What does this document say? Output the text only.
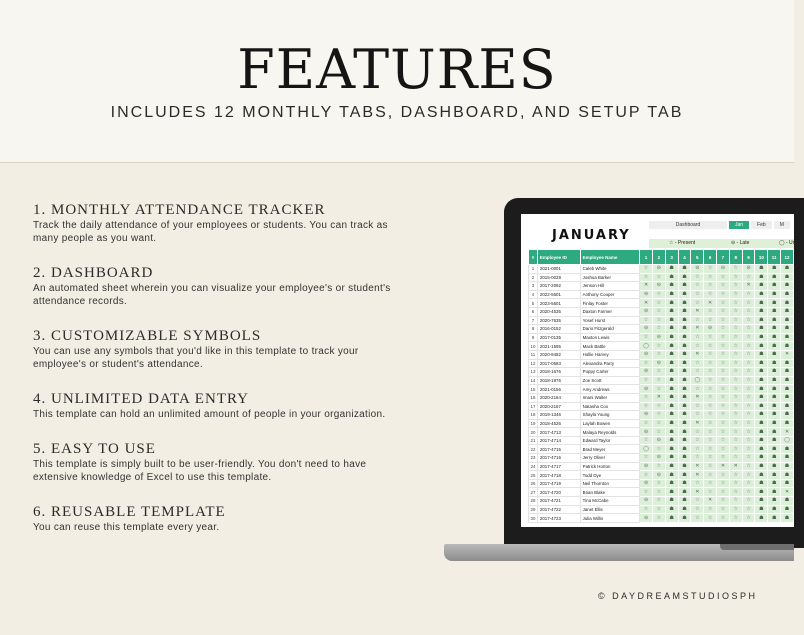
FEATURES
INCLUDES 12 MONTHLY TABS, DASHBOARD, AND SETUP TAB
1. MONTHLY ATTENDANCE TRACKER

Track the daily attendance of your employees or students. You can track as many people as you want.

2. DASHBOARD

An automated sheet wherein you can visualize your employee's or student's attendance records.

3. CUSTOMIZABLE SYMBOLS

You can use any symbols that you'd like in this template to track your employee's or student's attendance.

4. UNLIMITED DATA ENTRY

This template can hold an unlimited amount of people in your organization.

5. EASY TO USE

This template is simply built to be user-friendly. You don't need to have extensive knowledge of Excel to use this template.

6. REUSABLE TEMPLATE

You can reuse this template every year.

Dashboard	Jan	Feb	M
JANUARY	☆ - Present	⊝ - Late	◯ - Und
#	Employee ID	Employee Name	1	2	3	4	5	6	7	8	9	10	11	12
1	2021-0001	Caleb White	☆	⊝	☗	☗	⊝	☆	⊝	☆	⊝	☗	☗	☗
2	2015-0028	Joshua Barker	☆	☆	☗	☗	☆	☆	☆	☆	☆	☗	☗	☗
3	2017-2092	Jenson Hill	✕	⊝	☗	☗	☆	☆	☆	☆	✕	☗	☗	☗
4	2022-5501	Anthony Cooper	⊝	☆	☗	☗	☆	☆	☆	☆	☆	☗	☗	☗
5	2023-5601	Finlay Foster	✕	☆	☗	☗	☆	✕	☆	☆	☆	☗	☗	☗
6	2020-4535	Daxton Farmer	⊝	☆	☗	☗	✕	☆	☆	☆	☆	☗	☗	☗
7	2020-7635	Yosef Hurst	☆	☆	☗	☗	☆	☆	☆	☆	☆	☗	☗	☗
8	2016-0152	Dario Fitzgerald	⊝	☆	☗	☗	✕	⊝	☆	☆	☆	☗	☗	☗
9	2017-0135	Maxton Lewis	☆	⊝	☗	☗	☆	☆	☆	☆	☆	☗	☗	☗
10	2021-1595	Mack Battle	◯	☆	☗	☗	☆	☆	☆	☆	☆	☗	☗	☗
11	2020-9482	Hollie Harvey	⊝	☆	☗	☗	✕	☆	☆	☆	☆	☗	☗	✕
12	2017-0583	Alexandra Parry	☆	⊝	☗	☗	☆	☆	☆	☆	☆	☗	☗	☗
13	2018-1676	Poppy Carter	⊝	☆	☗	☗	☆	☆	☆	☆	☆	☗	☗	☗
14	2018-1976	Zoe Scott	☆	☆	☗	☗	◯	☆	☆	☆	☆	☗	☗	☗
15	2021-0156	Amy Andrews	⊝	☆	☗	☗	☆	☆	☆	☆	☆	☗	☗	☗
16	2020-2164	Imani Walter	☆	✕	☗	☗	✕	☆	☆	☆	☆	☗	☗	☗
17	2020-2167	Natasha Cox	☆	☆	☗	☗	☆	☆	☆	☆	☆	☗	☗	☗
18	2019-1346	Shayla Young	⊝	☆	☗	☗	☆	☆	☆	☆	☆	☗	☗	☗
19	2018-4526	Laylah Bowen	☆	☆	☗	☗	✕	☆	☆	☆	☆	☗	☗	☗
20	2017-4713	Malaya Reynolds	⊝	☆	☗	☗	☆	☆	☆	☆	☆	☗	☗	✕
21	2017-4714	Edward Taylor	☆	⊝	☗	☗	☆	☆	☆	☆	☆	☗	☗	◯
22	2017-4715	Brad Meyer	◯	☆	☗	☗	☆	☆	☆	☆	☆	☗	☗	☗
23	2017-4716	Jerry Oliver	☆	⊝	☗	☗	☆	☆	☆	☆	☆	☗	☗	☗
24	2017-4717	Patrick Horton	⊝	☆	☗	☗	✕	☆	✕	✕	☆	☗	☗	☗
25	2017-4718	Todd Dye	☆	⊝	☗	☗	✕	☆	☆	☆	☆	☗	☗	☗
26	2017-4719	Neil Thornton	⊝	☆	☗	☗	☆	☆	☆	☆	☆	☗	☗	☗
27	2017-4720	Brian Blake	☆	☆	☗	☗	✕	☆	☆	☆	☆	☗	☗	✕
28	2017-4721	Tina McCabe	⊝	☆	☗	☗	☆	✕	☆	☆	☆	☗	☗	☗
29	2017-4722	Janet Ellis	☆	☆	☗	☗	☆	☆	☆	☆	☆	☗	☗	☗
30	2017-4723	Julia Willis	⊝	☆	☗	☗	☆	☆	☆	☆	☆	☗	☗	☗
© DAYDREAMSTUDIOSPH
